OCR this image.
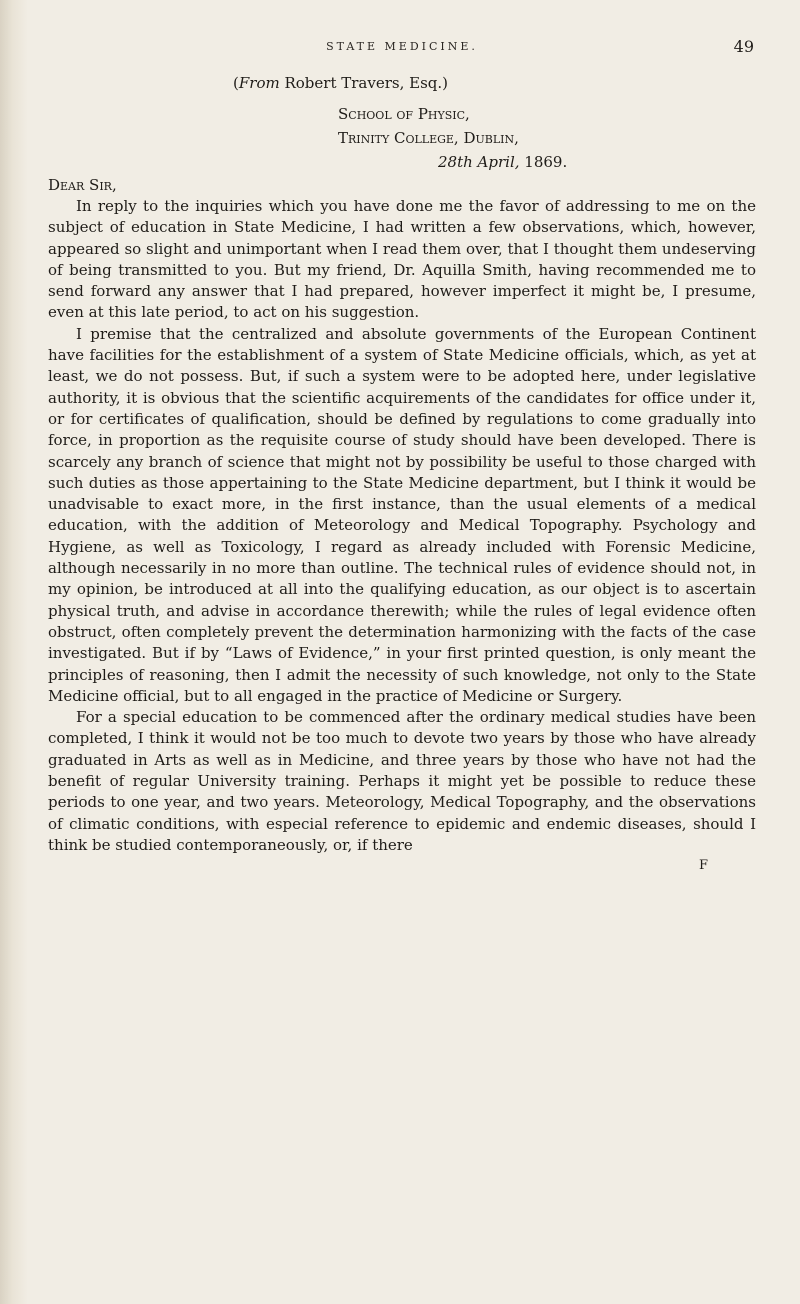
STATE MEDICINE.	49
(From Robert Travers, Esq.)
School of Physic,
Trinity College, Dublin,
28th April, 1869.
Dear Sir,

In reply to the inquiries which you have done me the favor of addressing to me on the subject of education in State Medicine, I had written a few observations, which, however, appeared so slight and unimportant when I read them over, that I thought them undeserving of being transmitted to you. But my friend, Dr. Aquilla Smith, having recommended me to send forward any answer that I had prepared, however imperfect it might be, I presume, even at this late period, to act on his suggestion.

I premise that the centralized and absolute governments of the European Continent have facilities for the establishment of a system of State Medicine officials, which, as yet at least, we do not possess. But, if such a system were to be adopted here, under legislative authority, it is obvious that the scientific acquirements of the candidates for office under it, or for certificates of qualification, should be defined by regulations to come gradually into force, in proportion as the requisite course of study should have been developed. There is scarcely any branch of science that might not by possibility be useful to those charged with such duties as those appertaining to the State Medicine department, but I think it would be unadvisable to exact more, in the first instance, than the usual elements of a medical education, with the addition of Meteorology and Medical Topography. Psychology and Hygiene, as well as Toxicology, I regard as already included with Forensic Medicine, although necessarily in no more than outline. The technical rules of evidence should not, in my opinion, be introduced at all into the qualifying education, as our object is to ascertain physical truth, and advise in accordance therewith; while the rules of legal evidence often obstruct, often completely prevent the determination harmonizing with the facts of the case investigated. But if by “Laws of Evidence,” in your first printed question, is only meant the principles of reasoning, then I admit the necessity of such knowledge, not only to the State Medicine official, but to all engaged in the practice of Medicine or Surgery.

For a special education to be commenced after the ordinary medical studies have been completed, I think it would not be too much to devote two years by those who have already graduated in Arts as well as in Medicine, and three years by those who have not had the benefit of regular University training. Perhaps it might yet be possible to reduce these periods to one year, and two years. Meteorology, Medical Topography, and the observations of climatic conditions, with especial reference to epidemic and endemic diseases, should I think be studied contemporaneously, or, if there

F
